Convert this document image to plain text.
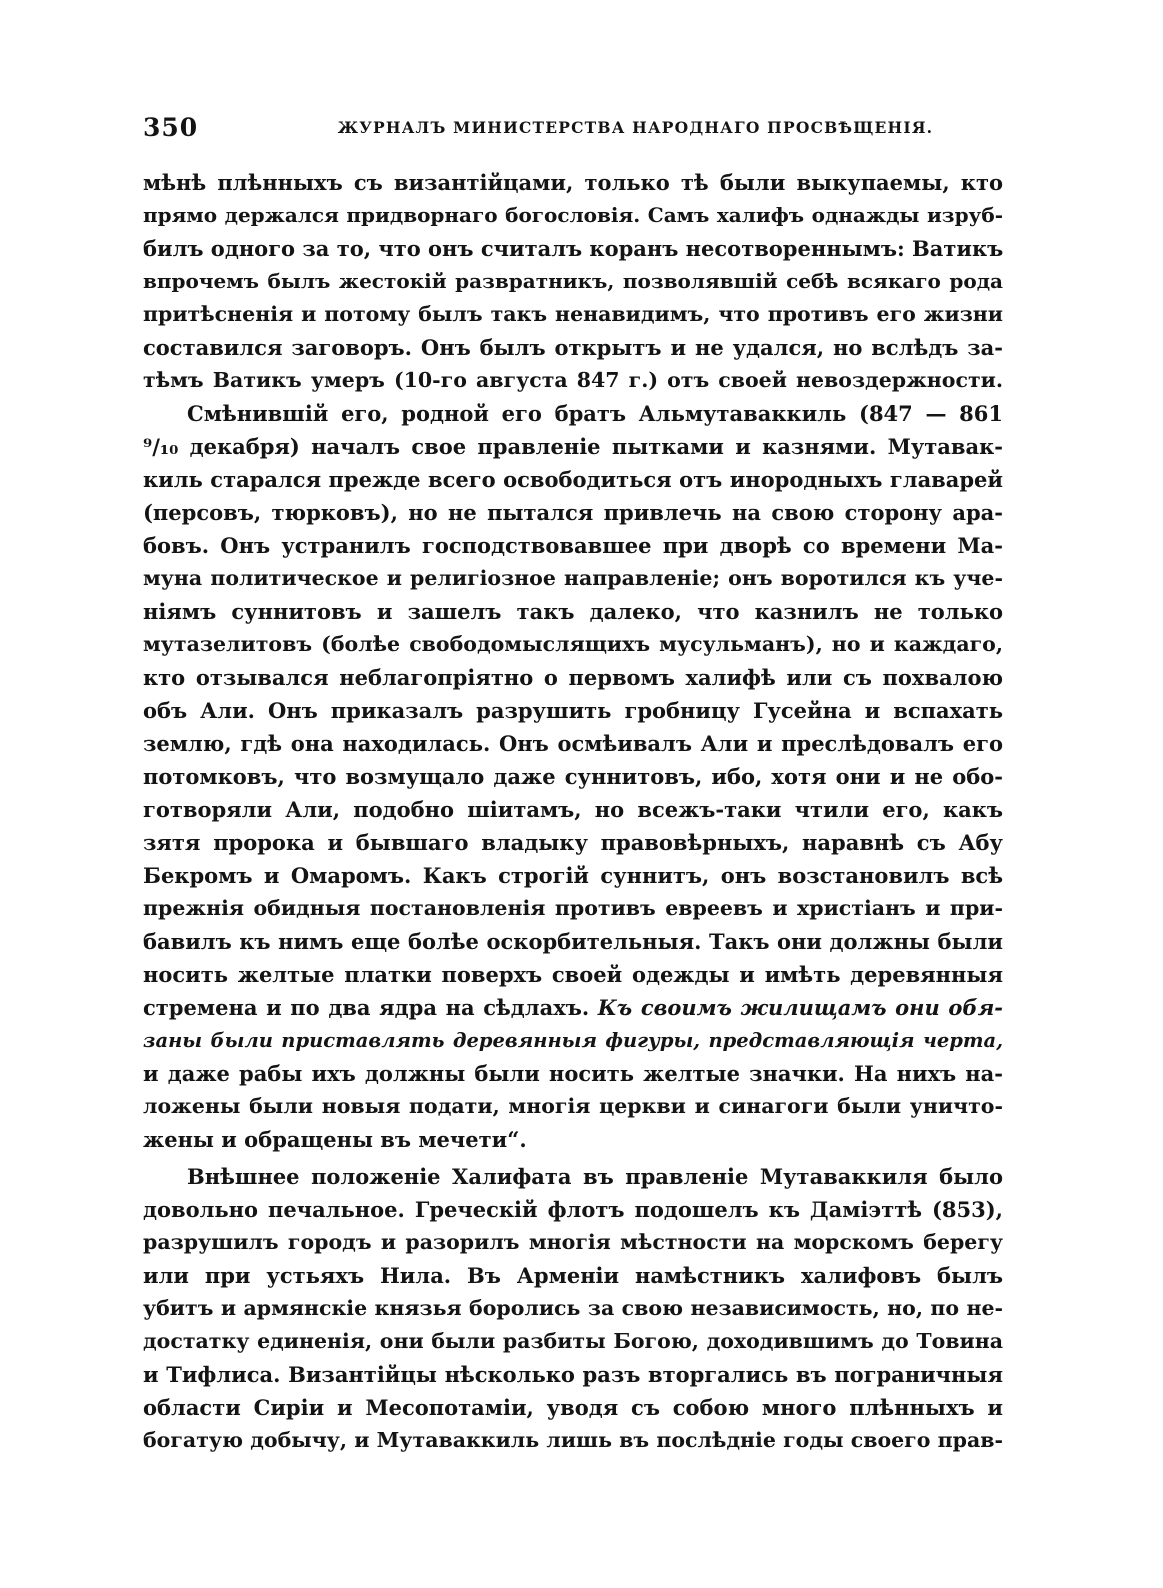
350	ЖУРНАЛЪ МИНИСТЕРСТВА НАРОДНАГО ПРОСВѢЩЕНІЯ.
мѣнѣ плѣнныхъ съ византійцами, только тѣ были выкупаемы, кто
прямо держался придворнаго богословія. Самъ халифъ однажды изруб-
билъ одного за то, что онъ считалъ коранъ несотвореннымъ: Ватикъ
впрочемъ былъ жестокій развратникъ, позволявшій себѣ всякаго рода
притѣсненія и потому былъ такъ ненавидимъ, что противъ его жизни
составился заговоръ. Онъ былъ открытъ и не удался, но вслѣдъ за-
тѣмъ Ватикъ умеръ (10-го августа 847 г.) отъ своей невоздержности.
Смѣнившій его, родной его братъ Альмутаваккиль (847 — 861
⁹/₁₀ декабря) началъ свое правленіе пытками и казнями. Мутавак-
киль старался прежде всего освободиться отъ инородныхъ главарей
(персовъ, тюрковъ), но не пытался привлечь на свою сторону ара-
бовъ. Онъ устранилъ господствовавшее при дворѣ со времени Ма-
муна политическое и религіозное направленіе; онъ воротился къ уче-
ніямъ суннитовъ и зашелъ такъ далеко, что казнилъ не только
мутазелитовъ (болѣе свободомыслящихъ мусульманъ), но и каждаго,
кто отзывался неблагопріятно о первомъ халифѣ или съ похвалою
объ Али. Онъ приказалъ разрушить гробницу Гусейна и вспахать
землю, гдѣ она находилась. Онъ осмѣивалъ Али и преслѣдовалъ его
потомковъ, что возмущало даже суннитовъ, ибо, хотя они и не обо-
готворяли Али, подобно шіитамъ, но всежъ-таки чтили его, какъ
зятя пророка и бывшаго владыку правовѣрныхъ, наравнѣ съ Абу
Бекромъ и Омаромъ. Какъ строгій суннитъ, онъ возстановилъ всѣ
прежнія обидныя постановленія противъ евреевъ и христіанъ и при-
бавилъ къ нимъ еще болѣе оскорбительныя. Такъ они должны были
носить желтые платки поверхъ своей одежды и имѣть деревянныя
стремена и по два ядра на сѣдлахъ. Къ своимъ жилищамъ они обя-
заны были приставлять деревянныя фигуры, представляющія черта,
и даже рабы ихъ должны были носить желтые значки. На нихъ на-
ложены были новыя подати, многія церкви и синагоги были уничто-
жены и обращены въ мечети“.
Внѣшнее положеніе Халифата въ правленіе Мутаваккиля было
довольно печальное. Греческій флотъ подошелъ къ Даміэттѣ (853),
разрушилъ городъ и разорилъ многія мѣстности на морскомъ берегу
или при устьяхъ Нила. Въ Арменіи намѣстникъ халифовъ былъ
убитъ и армянскіе князья боролись за свою независимость, но, по не-
достатку единенія, они были разбиты Богою, доходившимъ до Товина
и Тифлиса. Византійцы нѣсколько разъ вторгались въ пограничныя
области Сиріи и Месопотаміи, уводя съ собою много плѣнныхъ и
богатую добычу, и Мутаваккиль лишь въ послѣдніе годы своего прав-
